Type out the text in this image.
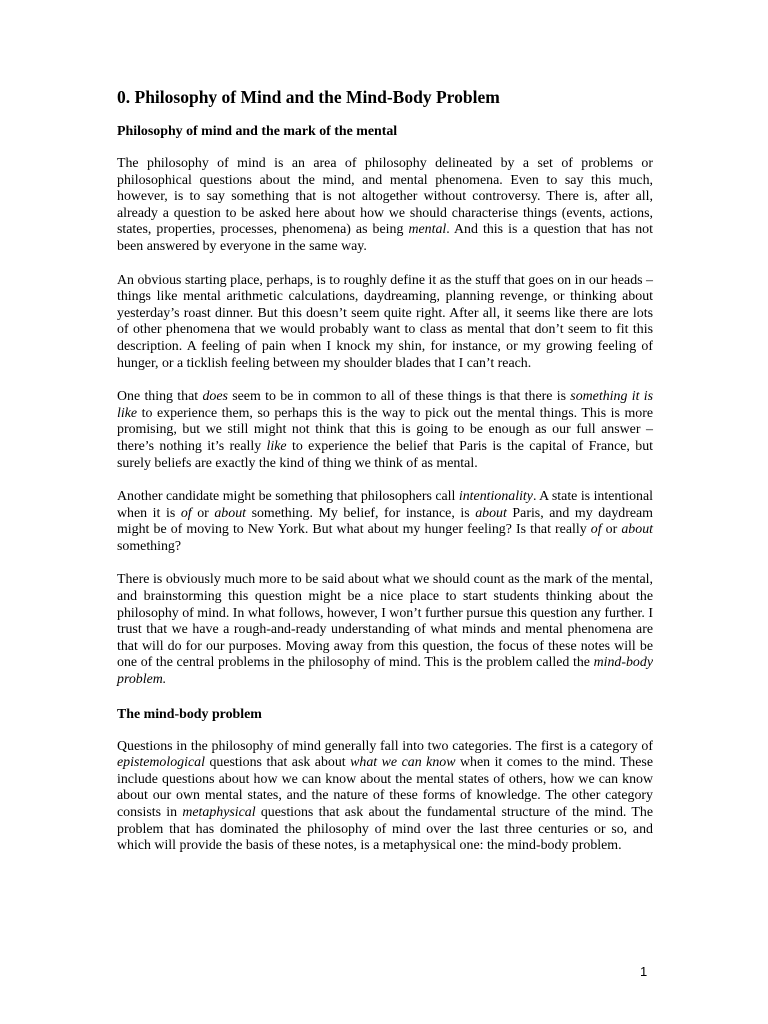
0. Philosophy of Mind and the Mind-Body Problem
Philosophy of mind and the mark of the mental

The philosophy of mind is an area of philosophy delineated by a set of problems or philosophical questions about the mind, and mental phenomena. Even to say this much, however, is to say something that is not altogether without controversy. There is, after all, already a question to be asked here about how we should characterise things (events, actions, states, properties, processes, phenomena) as being mental. And this is a question that has not been answered by everyone in the same way.

An obvious starting place, perhaps, is to roughly define it as the stuff that goes on in our heads – things like mental arithmetic calculations, daydreaming, planning revenge, or thinking about yesterday’s roast dinner. But this doesn’t seem quite right. After all, it seems like there are lots of other phenomena that we would probably want to class as mental that don’t seem to fit this description. A feeling of pain when I knock my shin, for instance, or my growing feeling of hunger, or a ticklish feeling between my shoulder blades that I can’t reach.

One thing that does seem to be in common to all of these things is that there is something it is like to experience them, so perhaps this is the way to pick out the mental things. This is more promising, but we still might not think that this is going to be enough as our full answer – there’s nothing it’s really like to experience the belief that Paris is the capital of France, but surely beliefs are exactly the kind of thing we think of as mental.

Another candidate might be something that philosophers call intentionality. A state is intentional when it is of or about something. My belief, for instance, is about Paris, and my daydream might be of moving to New York. But what about my hunger feeling? Is that really of or about something?

There is obviously much more to be said about what we should count as the mark of the mental, and brainstorming this question might be a nice place to start students thinking about the philosophy of mind. In what follows, however, I won’t further pursue this question any further. I trust that we have a rough-and-ready understanding of what minds and mental phenomena are that will do for our purposes. Moving away from this question, the focus of these notes will be one of the central problems in the philosophy of mind. This is the problem called the mind-body problem.

The mind-body problem

Questions in the philosophy of mind generally fall into two categories. The first is a category of epistemological questions that ask about what we can know when it comes to the mind. These include questions about how we can know about the mental states of others, how we can know about our own mental states, and the nature of these forms of knowledge. The other category consists in metaphysical questions that ask about the fundamental structure of the mind. The problem that has dominated the philosophy of mind over the last three centuries or so, and which will provide the basis of these notes, is a metaphysical one: the mind-body problem.

1
